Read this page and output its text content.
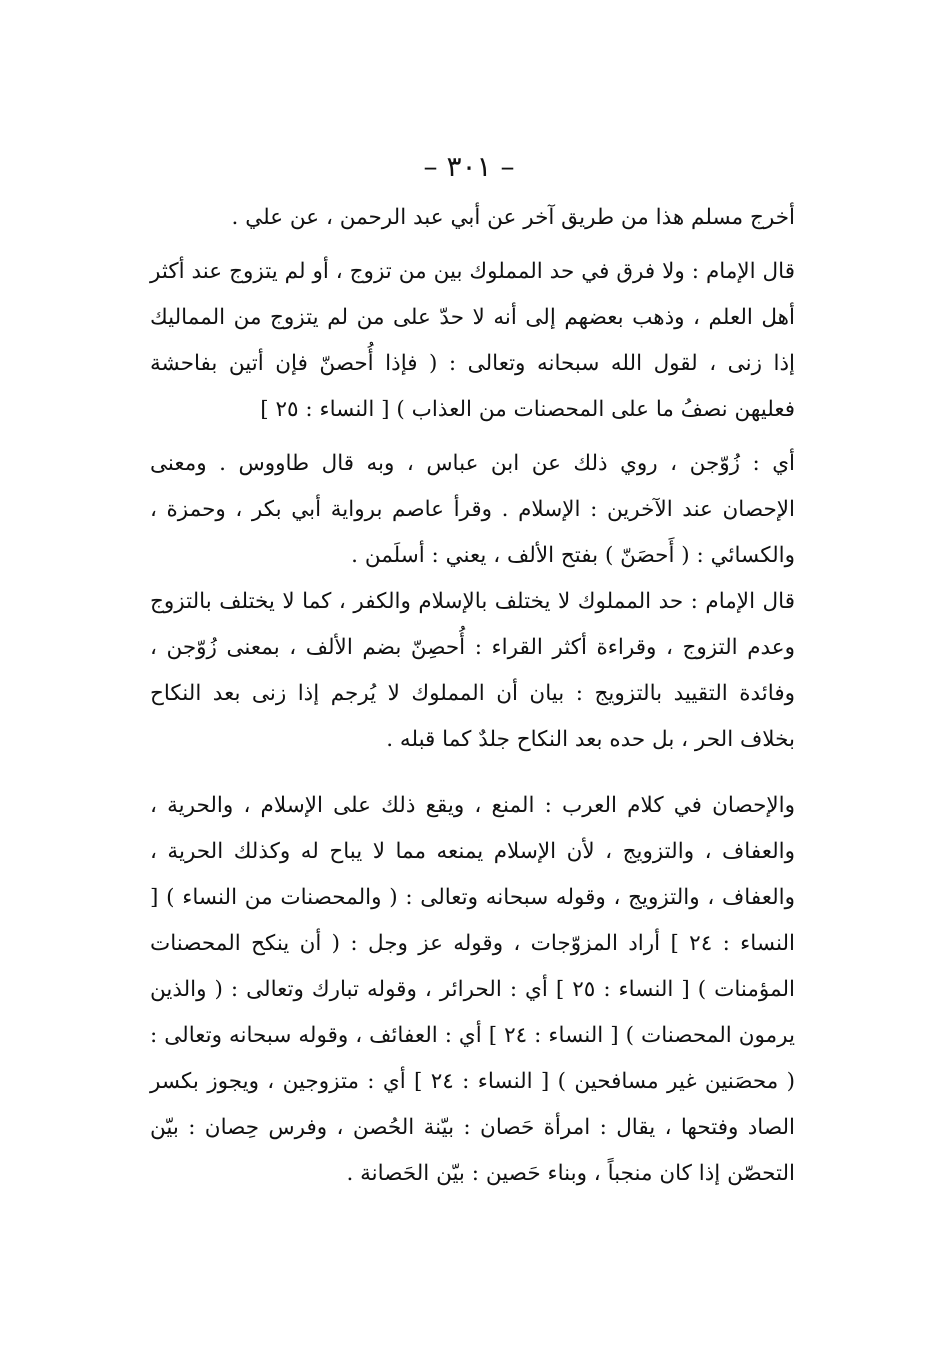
– ٣٠١ –

أخرج مسلم هذا من طريق آخر عن أبي عبد الرحمن ، عن علي .

قال الإمام : ولا فرق في حد المملوك بين من تزوج ، أو لم يتزوج عند أكثر أهل العلم ، وذهب بعضهم إلى أنه لا حدّ على من لم يتزوج من المماليك إذا زنى ، لقول الله سبحانه وتعالى : ( فإذا أُحصنّ فإن أتين بفاحشة فعليهن نصفُ ما على المحصنات من العذاب ) [ النساء : ٢٥ ]

أي : زُوّجن ، روي ذلك عن ابن عباس ، وبه قال طاووس . ومعنى الإحصان عند الآخرين : الإسلام . وقرأ عاصم برواية أبي بكر ، وحمزة ، والكسائي : ( أَحصَنّ ) بفتح الألف ، يعني : أسلَمن .

قال الإمام : حد المملوك لا يختلف بالإسلام والكفر ، كما لا يختلف بالتزوج وعدم التزوج ، وقراءة أكثر القراء : أُحصِنّ بضم الألف ، بمعنى زُوّجن ، وفائدة التقييد بالتزويج : بيان أن المملوك لا يُرجم إذا زنى بعد النكاح بخلاف الحر ، بل حده بعد النكاح جلدٌ كما قبله .

والإحصان في كلام العرب : المنع ، ويقع ذلك على الإسلام ، والحرية ، والعفاف ، والتزويج ، لأن الإسلام يمنعه مما لا يباح له وكذلك الحرية ، والعفاف ، والتزويج ، وقوله سبحانه وتعالى : ( والمحصنات من النساء ) [ النساء : ٢٤ ] أراد المزوّجات ، وقوله عز وجل : ( أن ينكح المحصنات المؤمنات ) [ النساء : ٢٥ ] أي : الحرائر ، وقوله تبارك وتعالى : ( والذين يرمون المحصنات ) [ النساء : ٢٤ ] أي : العفائف ، وقوله سبحانه وتعالى : ( محصَنين غير مسافحين ) [ النساء : ٢٤ ] أي : متزوجين ، ويجوز بكسر الصاد وفتحها ، يقال : امرأة حَصان : بيّنة الحُصن ، وفرس حِصان : بيّن التحصّن إذا كان منجباً ، وبناء حَصين : بيّن الحَصانة .
